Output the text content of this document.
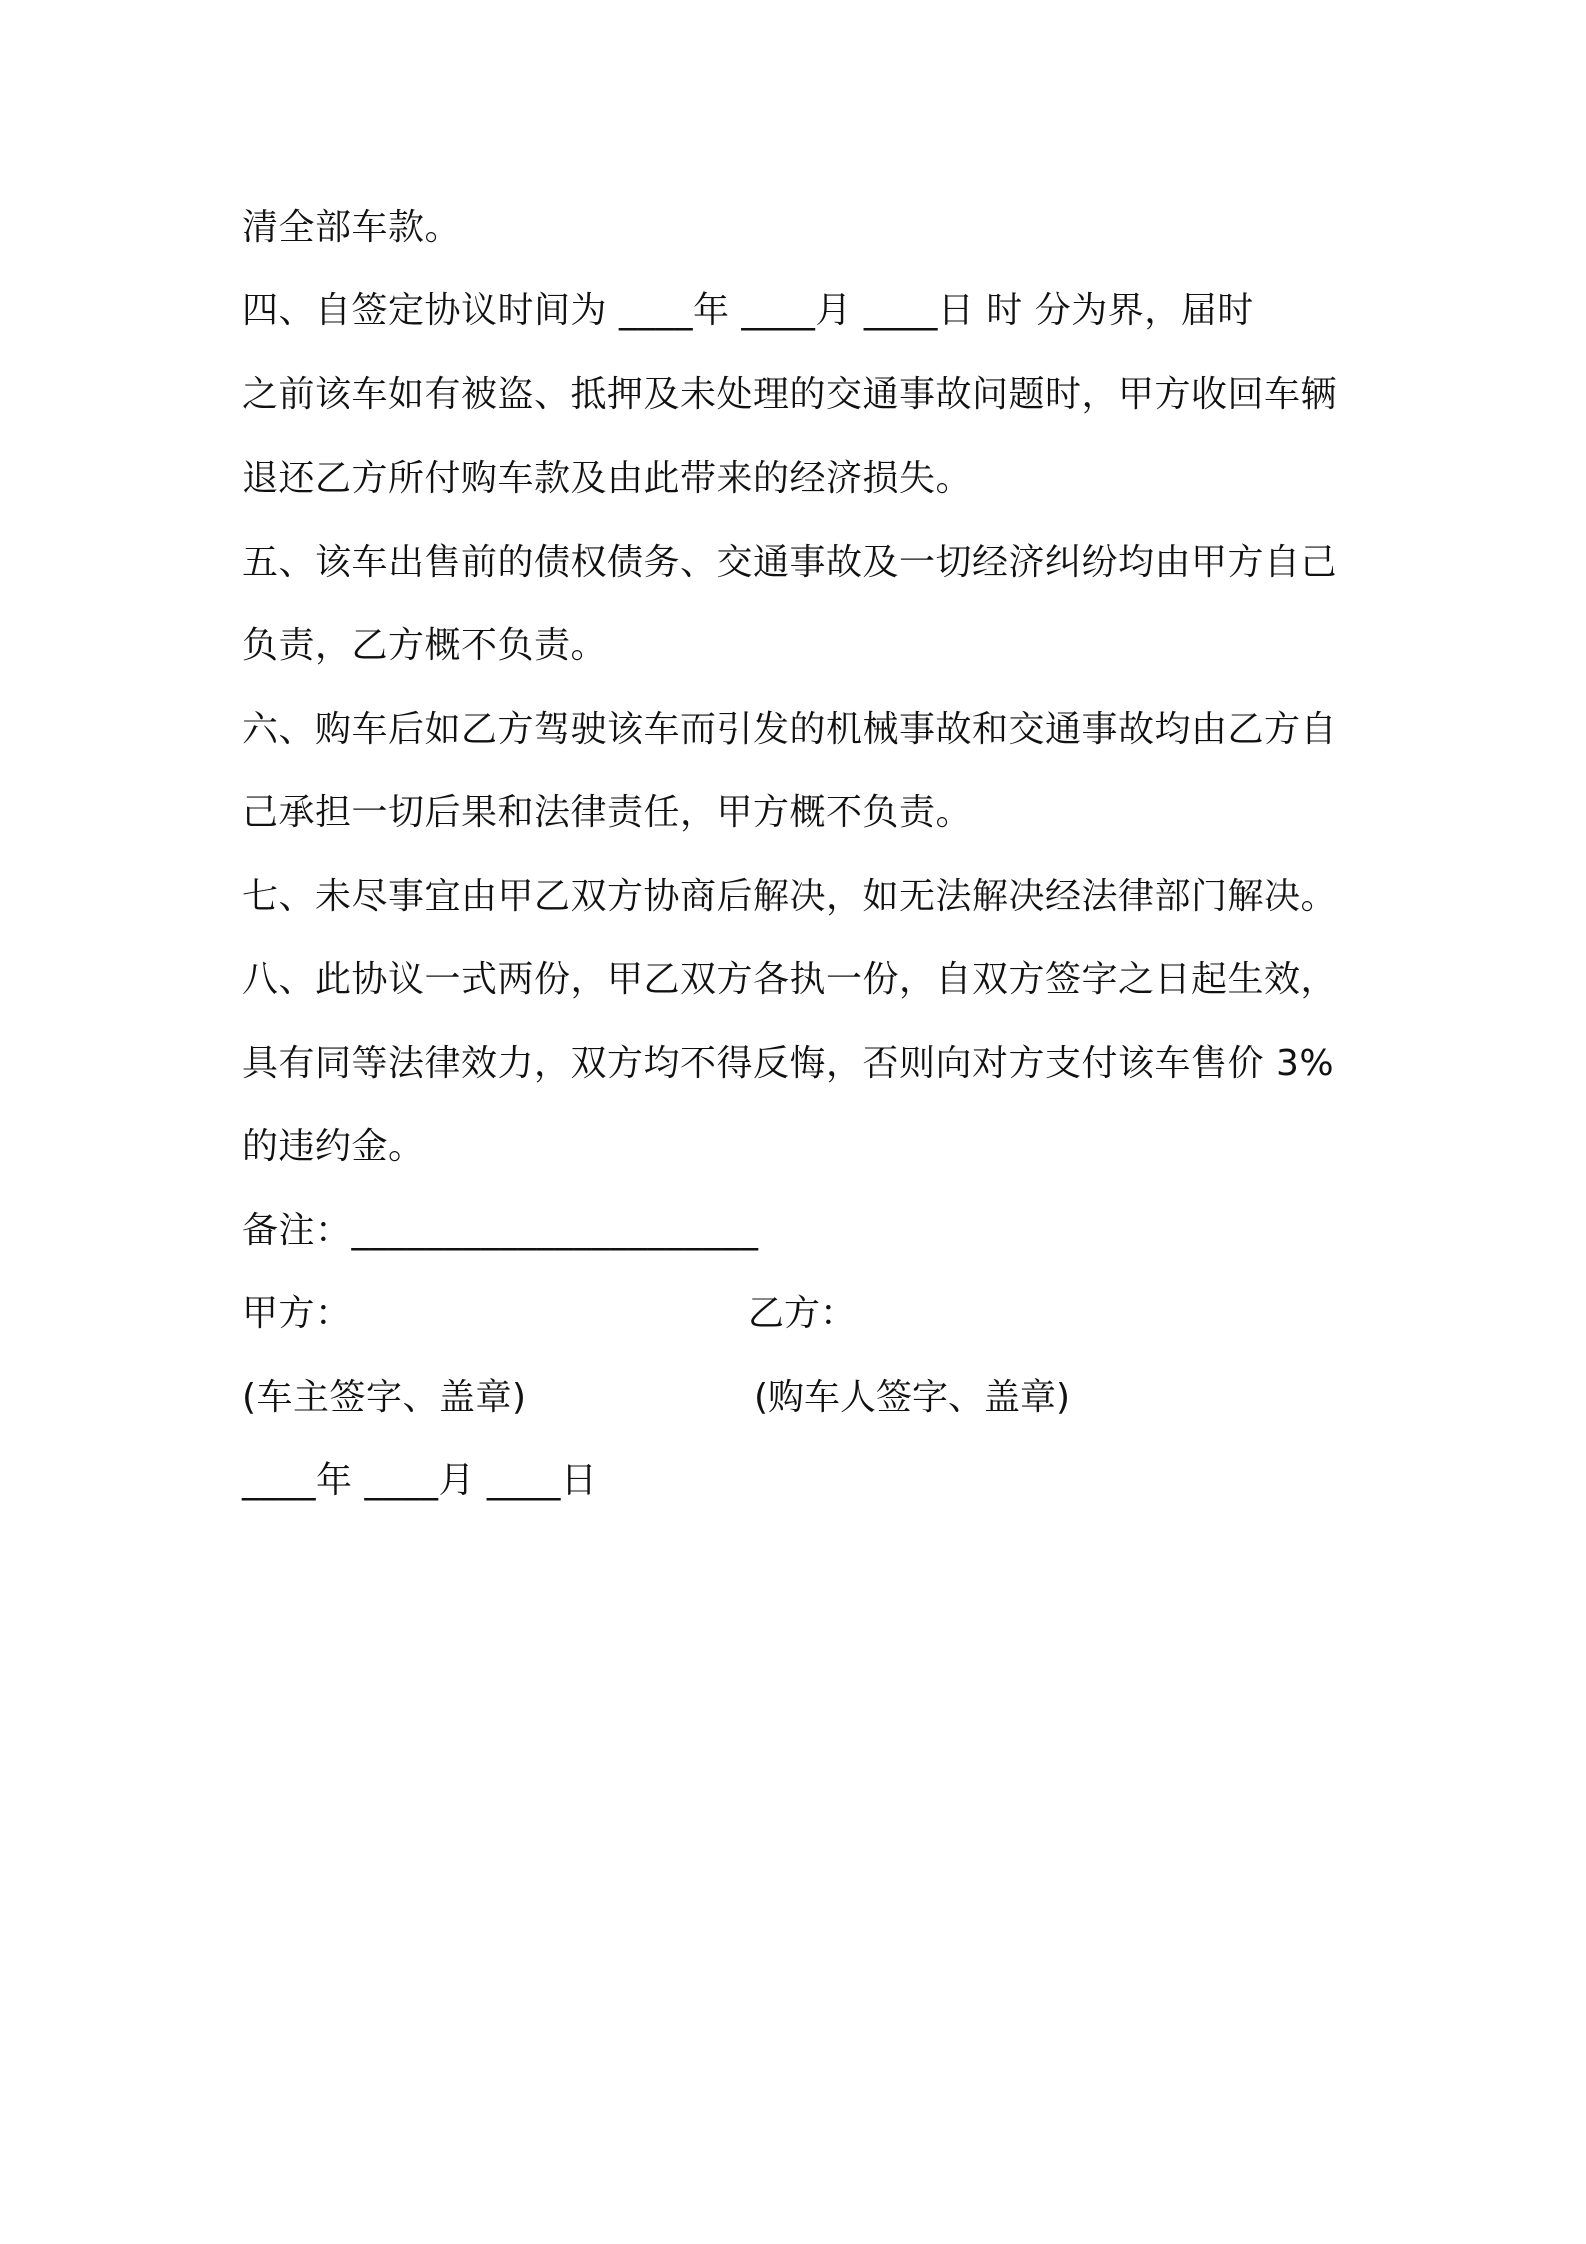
清全部车款。
四、自签定协议时间为 ____年 ____月 ____日 时 分为界，届时
之前该车如有被盗、抵押及未处理的交通事故问题时，甲方收回车辆
退还乙方所付购车款及由此带来的经济损失。
五、该车出售前的债权债务、交通事故及一切经济纠纷均由甲方自己
负责，乙方概不负责。
六、购车后如乙方驾驶该车而引发的机械事故和交通事故均由乙方自
己承担一切后果和法律责任，甲方概不负责。
七、未尽事宜由甲乙双方协商后解决，如无法解决经法律部门解决。
八、此协议一式两份，甲乙双方各执一份，自双方签字之日起生效，
具有同等法律效力，双方均不得反悔，否则向对方支付该车售价 3%
的违约金。
备注：______________________
甲方：	乙方：
(车主签字、盖章)	(购车人签字、盖章)
____年 ____月 ____日
